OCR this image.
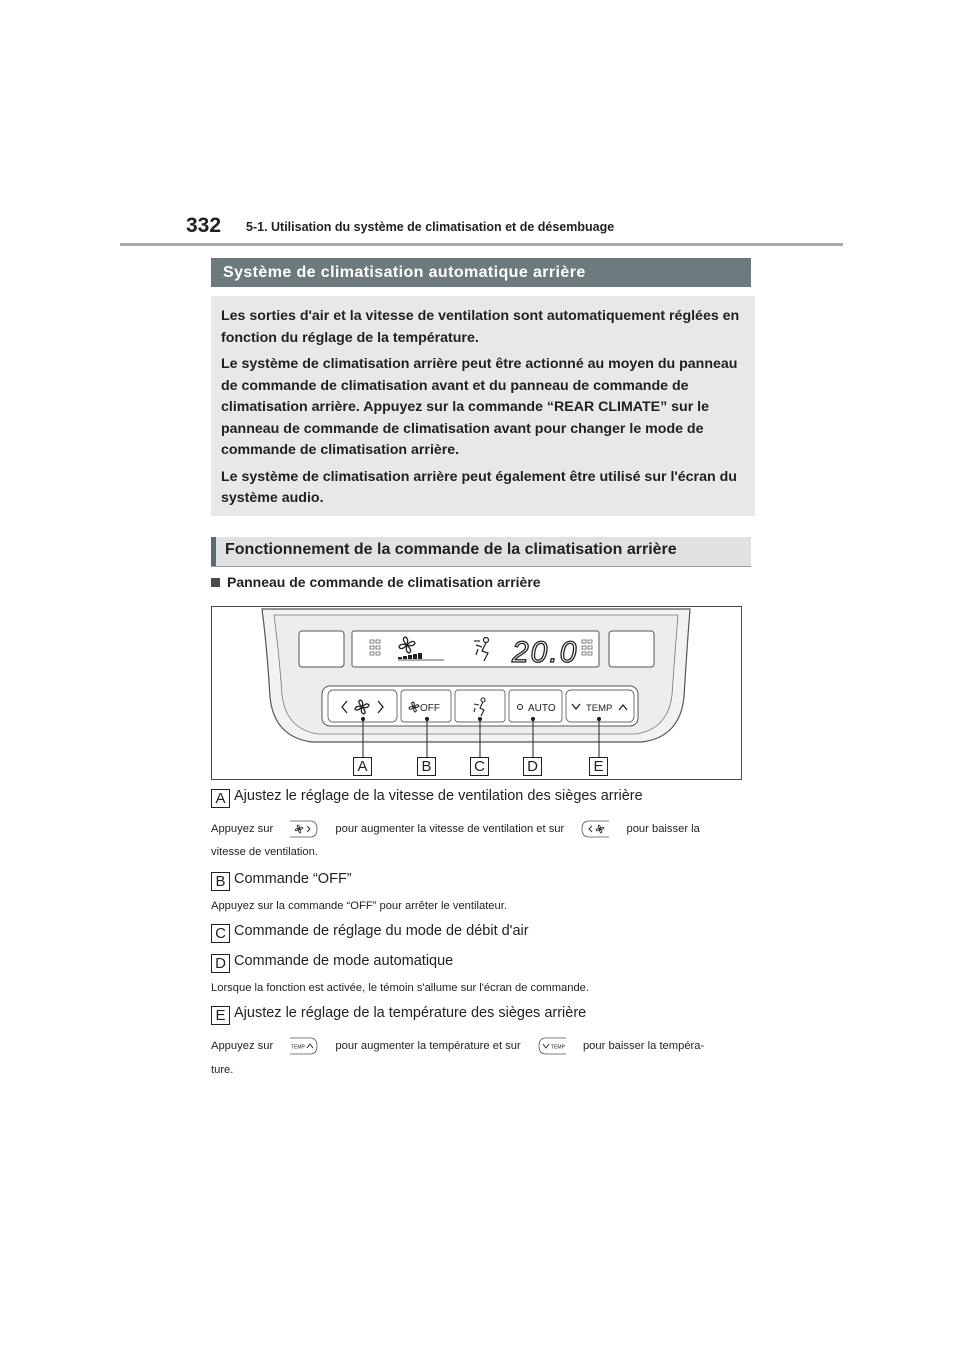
332 5-1. Utilisation du système de climatisation et de désembuage
Système de climatisation automatique arrière

Les sorties d'air et la vitesse de ventilation sont automatiquement réglées en fonction du réglage de la température.

Le système de climatisation arrière peut être actionné au moyen du panneau de commande de climatisation avant et du panneau de commande de climatisation arrière. Appuyez sur la commande “REAR CLIMATE” sur le panneau de commande de climatisation avant pour changer le mode de commande de climatisation arrière.

Le système de climatisation arrière peut également être utilisé sur l'écran du système audio.

Fonctionnement de la commande de la climatisation arrière
Panneau de commande de climatisation arrière
20.0
OFF	AUTO	TEMP
A	B	C	D	E
A Ajustez le réglage de la vitesse de ventilation des sièges arrière
Appuyez sur	pour augmenter la vitesse de ventilation et sur	pour baisser la
vitesse de ventilation.
B Commande “OFF”
Appuyez sur la commande “OFF” pour arrêter le ventilateur.
C Commande de réglage du mode de débit d'air
D Commande de mode automatique
Lorsque la fonction est activée, le témoin s'allume sur l'écran de commande.
E Ajustez le réglage de la température des sièges arrière
Appuyez sur	TEMP	pour augmenter la température et sur	TEMP pour baisser la tempéra-
ture.
